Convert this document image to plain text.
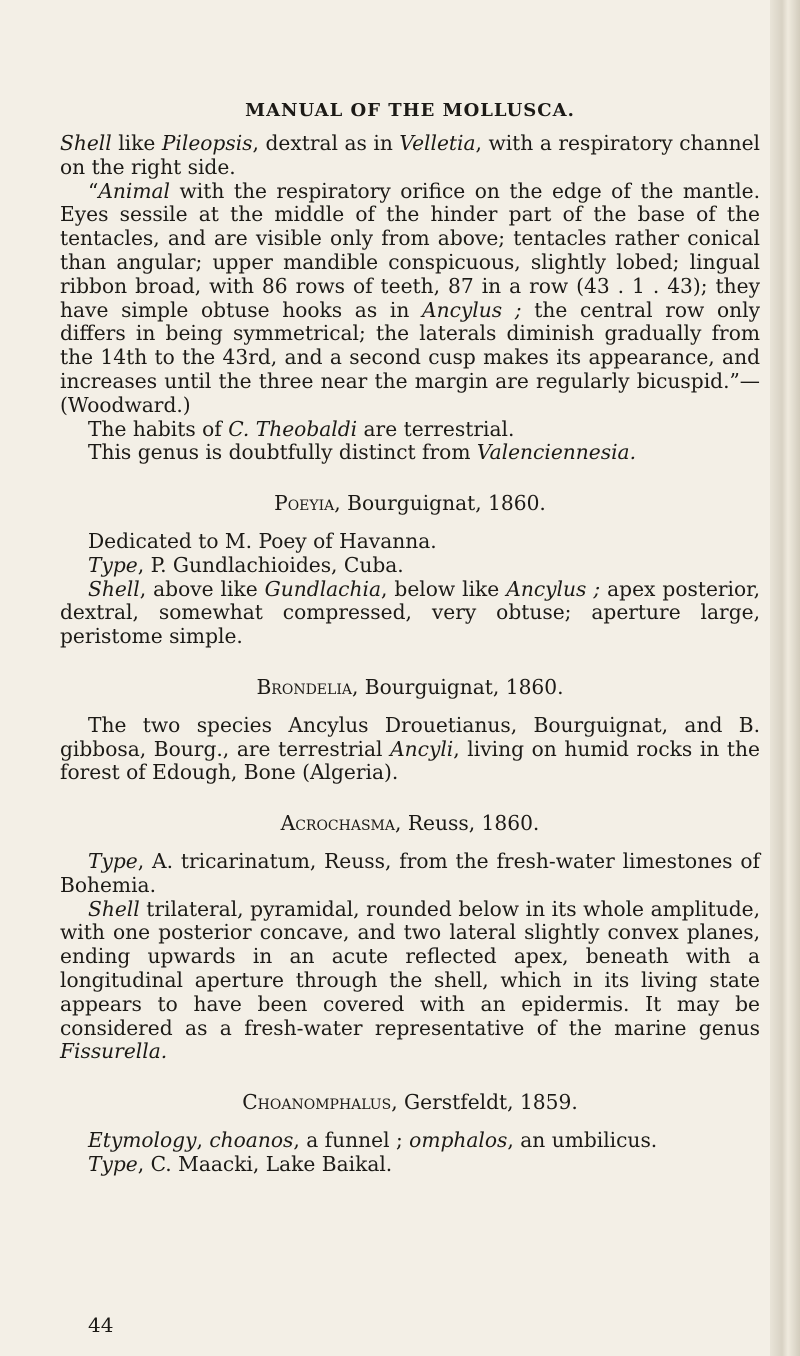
MANUAL OF THE MOLLUSCA.

Shell like Pileopsis, dextral as in Velletia, with a respiratory channel on the right side.

“Animal with the respiratory orifice on the edge of the mantle. Eyes sessile at the middle of the hinder part of the base of the tentacles, and are visible only from above; tentacles rather conical than angular; upper mandible conspicuous, slightly lobed; lingual ribbon broad, with 86 rows of teeth, 87 in a row (43 . 1 . 43); they have simple obtuse hooks as in Ancylus ; the central row only differs in being symmetrical; the laterals diminish gradually from the 14th to the 43rd, and a second cusp makes its appearance, and increases until the three near the margin are regularly bicuspid.”—(Woodward.)

The habits of C. Theobaldi are terrestrial.

This genus is doubtfully distinct from Valenciennesia.

Poeyia, Bourguignat, 1860.

Dedicated to M. Poey of Havanna.

Type, P. Gundlachioides, Cuba.

Shell, above like Gundlachia, below like Ancylus ; apex posterior, dextral, somewhat compressed, very obtuse; aperture large, peristome simple.

Brondelia, Bourguignat, 1860.

The two species Ancylus Drouetianus, Bourguignat, and B. gibbosa, Bourg., are terrestrial Ancyli, living on humid rocks in the forest of Edough, Bone (Algeria).

Acrochasma, Reuss, 1860.

Type, A. tricarinatum, Reuss, from the fresh-water limestones of Bohemia.

Shell trilateral, pyramidal, rounded below in its whole amplitude, with one posterior concave, and two lateral slightly convex planes, ending upwards in an acute reflected apex, beneath with a longitudinal aperture through the shell, which in its living state appears to have been covered with an epidermis. It may be considered as a fresh-water representative of the marine genus Fissurella.

Choanomphalus, Gerstfeldt, 1859.

Etymology, choanos, a funnel ; omphalos, an umbilicus.

Type, C. Maacki, Lake Baikal.

44
